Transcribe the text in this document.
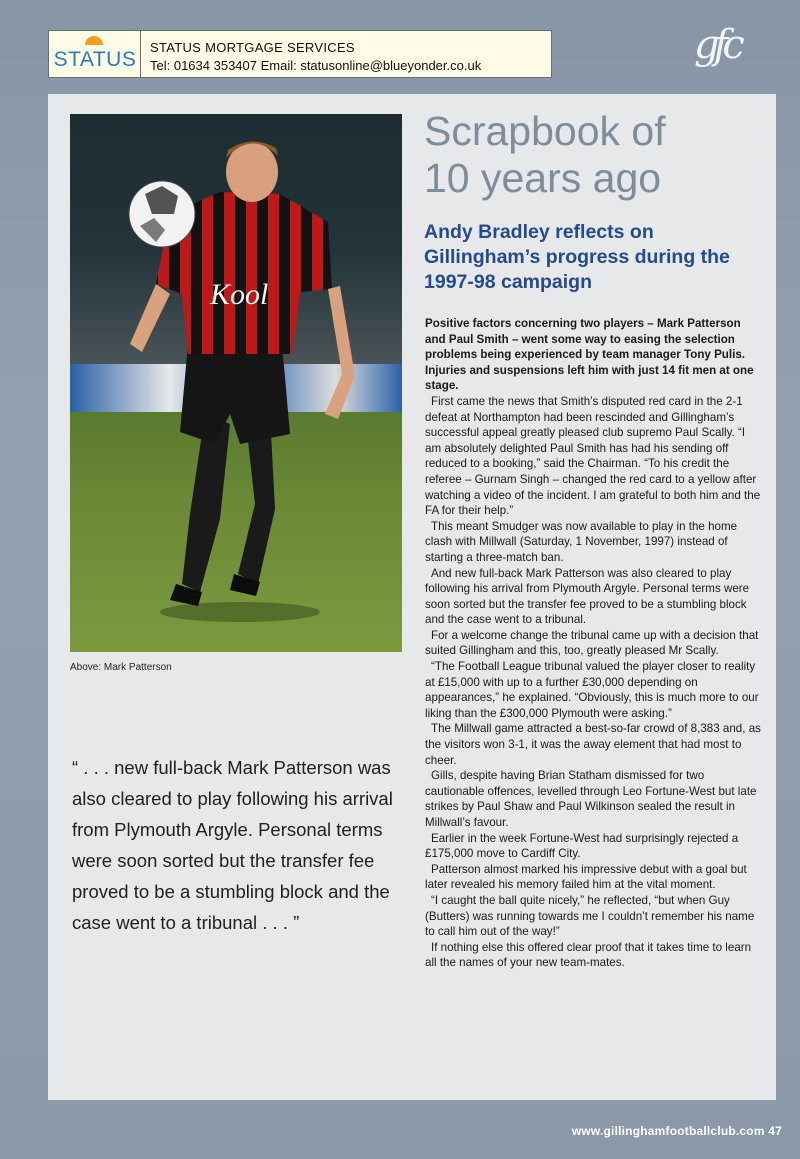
STATUS
STATUS MORTGAGE SERVICES
Tel: 01634 353407 Email: statusonline@blueyonder.co.uk	gfc
Kool
Above: Mark Patterson
“ . . . new full-back Mark Patterson was also cleared to play following his arrival from Plymouth Argyle. Personal terms were soon sorted but the transfer fee proved to be a stumbling block and the case went to a tribunal . . . ”
Scrapbook of
10 years ago
Andy Bradley reflects on Gillingham’s progress during the 1997-98 campaign

Positive factors concerning two players – Mark Patterson and Paul Smith – went some way to easing the selection problems being experienced by team manager Tony Pulis. Injuries and suspensions left him with just 14 fit men at one stage.

First came the news that Smith’s disputed red card in the 2-1 defeat at Northampton had been rescinded and Gillingham’s successful appeal greatly pleased club supremo Paul Scally. “I am absolutely delighted Paul Smith has had his sending off reduced to a booking,” said the Chairman. “To his credit the referee – Gurnam Singh – changed the red card to a yellow after watching a video of the incident. I am grateful to both him and the FA for their help.”

This meant Smudger was now available to play in the home clash with Millwall (Saturday, 1 November, 1997) instead of starting a three-match ban.

And new full-back Mark Patterson was also cleared to play following his arrival from Plymouth Argyle. Personal terms were soon sorted but the transfer fee proved to be a stumbling block and the case went to a tribunal.

For a welcome change the tribunal came up with a decision that suited Gillingham and this, too, greatly pleased Mr Scally.

“The Football League tribunal valued the player closer to reality at £15,000 with up to a further £30,000 depending on appearances,” he explained. “Obviously, this is much more to our liking than the £300,000 Plymouth were asking.”

The Millwall game attracted a best-so-far crowd of 8,383 and, as the visitors won 3-1, it was the away element that had most to cheer.

Gills, despite having Brian Statham dismissed for two cautionable offences, levelled through Leo Fortune-West but late strikes by Paul Shaw and Paul Wilkinson sealed the result in Millwall’s favour.

Earlier in the week Fortune-West had surprisingly rejected a £175,000 move to Cardiff City.

Patterson almost marked his impressive debut with a goal but later revealed his memory failed him at the vital moment.

“I caught the ball quite nicely,” he reflected, “but when Guy (Butters) was running towards me I couldn’t remember his name to call him out of the way!”

If nothing else this offered clear proof that it takes time to learn all the names of your new team-mates.

www.gillinghamfootballclub.com 47
